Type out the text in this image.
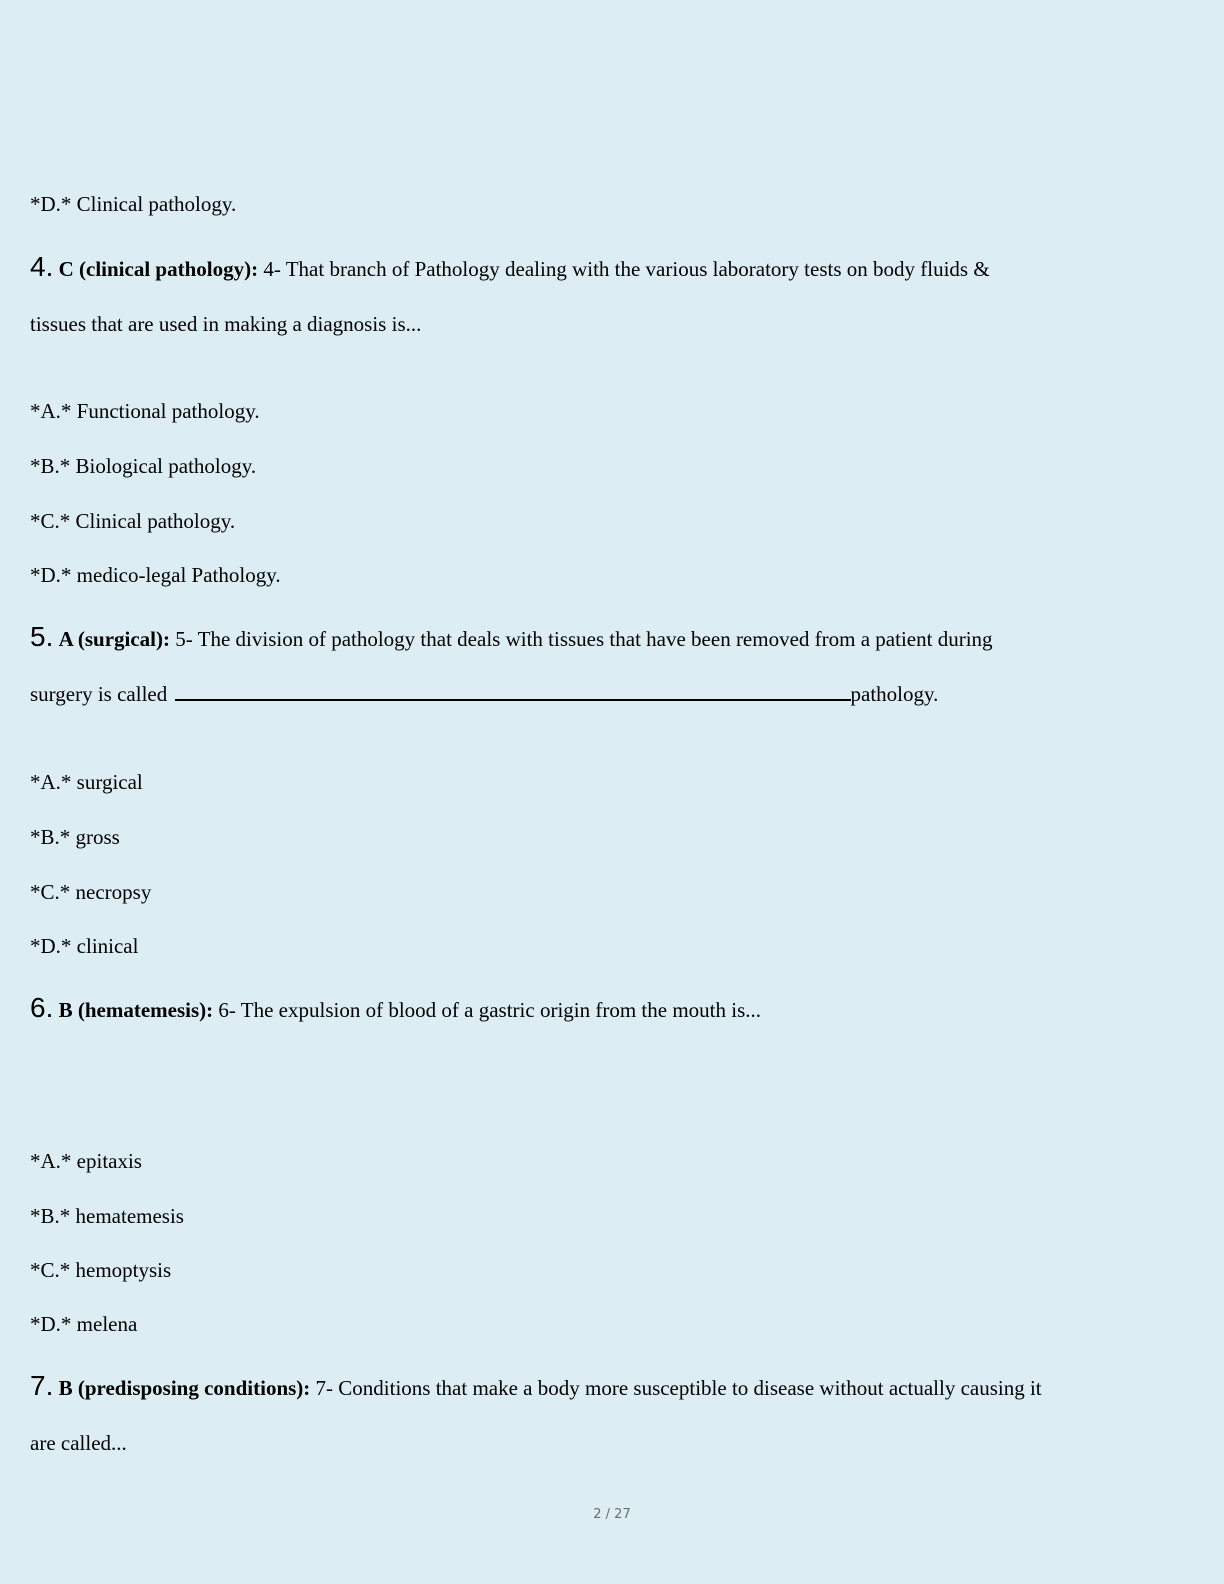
*D.* Clinical pathology.
4. C (clinical pathology): 4- That branch of Pathology dealing with the various laboratory tests on body fluids &
tissues that are used in making a diagnosis is...
*A.* Functional pathology.
*B.* Biological pathology.
*C.* Clinical pathology.
*D.* medico-legal Pathology.
5. A (surgical): 5- The division of pathology that deals with tissues that have been removed from a patient during
surgery is called	pathology.
*A.* surgical
*B.* gross
*C.* necropsy
*D.* clinical
6. B (hematemesis): 6- The expulsion of blood of a gastric origin from the mouth is...
*A.* epitaxis
*B.* hematemesis
*C.* hemoptysis
*D.* melena
7. B (predisposing conditions): 7- Conditions that make a body more susceptible to disease without actually causing it
are called...
2 / 27
